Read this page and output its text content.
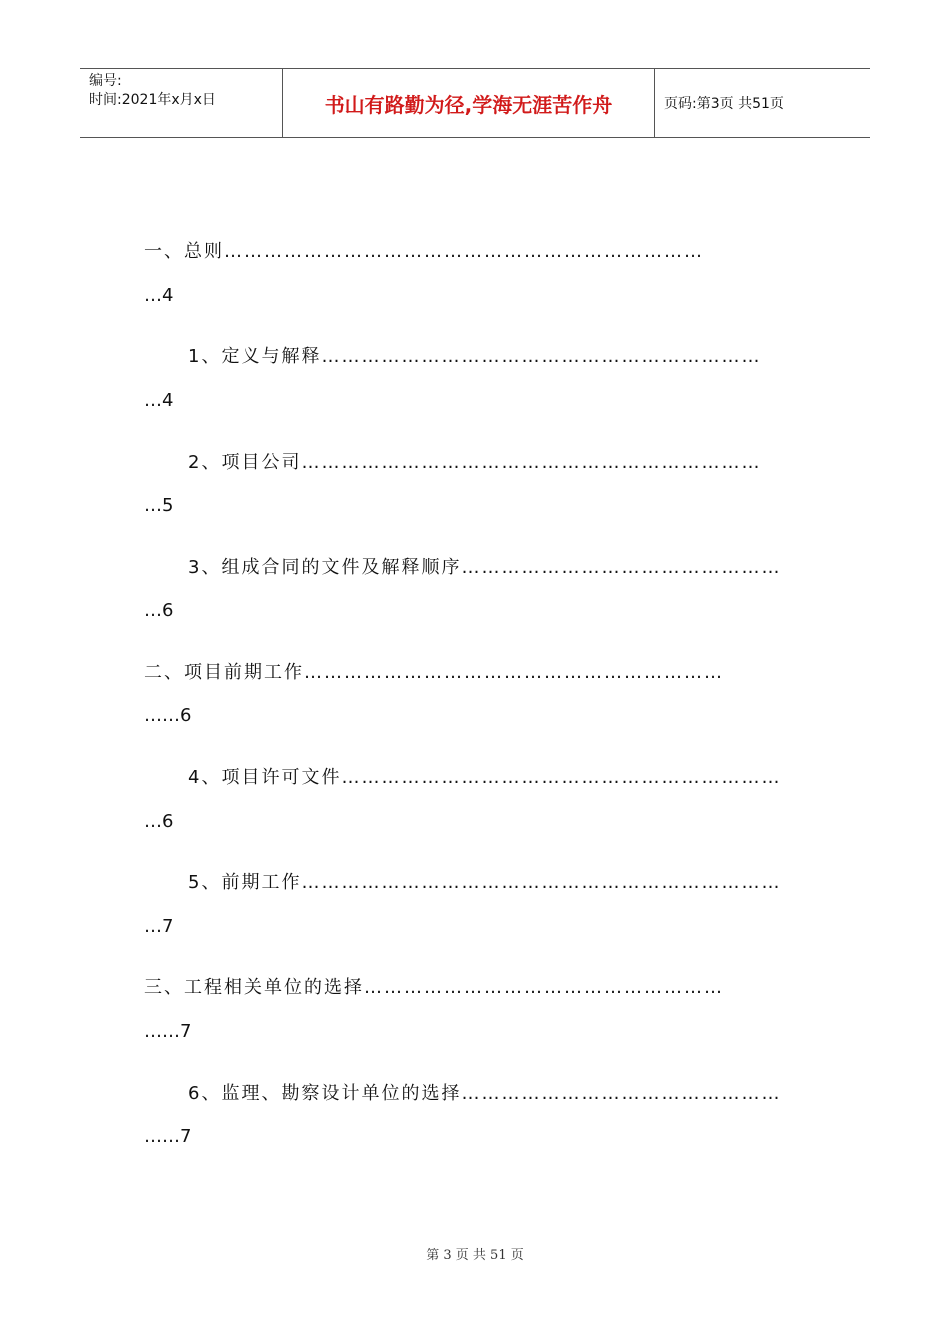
编号:
时间:2021年x月x日	书山有路勤为径,学海无涯苦作舟	页码:第3页 共51页
一、总则………………………………………………………………
…4
1、定义与解释…………………………………………………………
…4
2、项目公司……………………………………………………………
…5
3、组成合同的文件及解释顺序…………………………………………
…6
二、项目前期工作………………………………………………………
……6
4、项目许可文件…………………………………………………………
…6
5、前期工作………………………………………………………………
…7
三、工程相关单位的选择………………………………………………
……7
6、监理、勘察设计单位的选择…………………………………………
……7
第 3 页 共 51 页
